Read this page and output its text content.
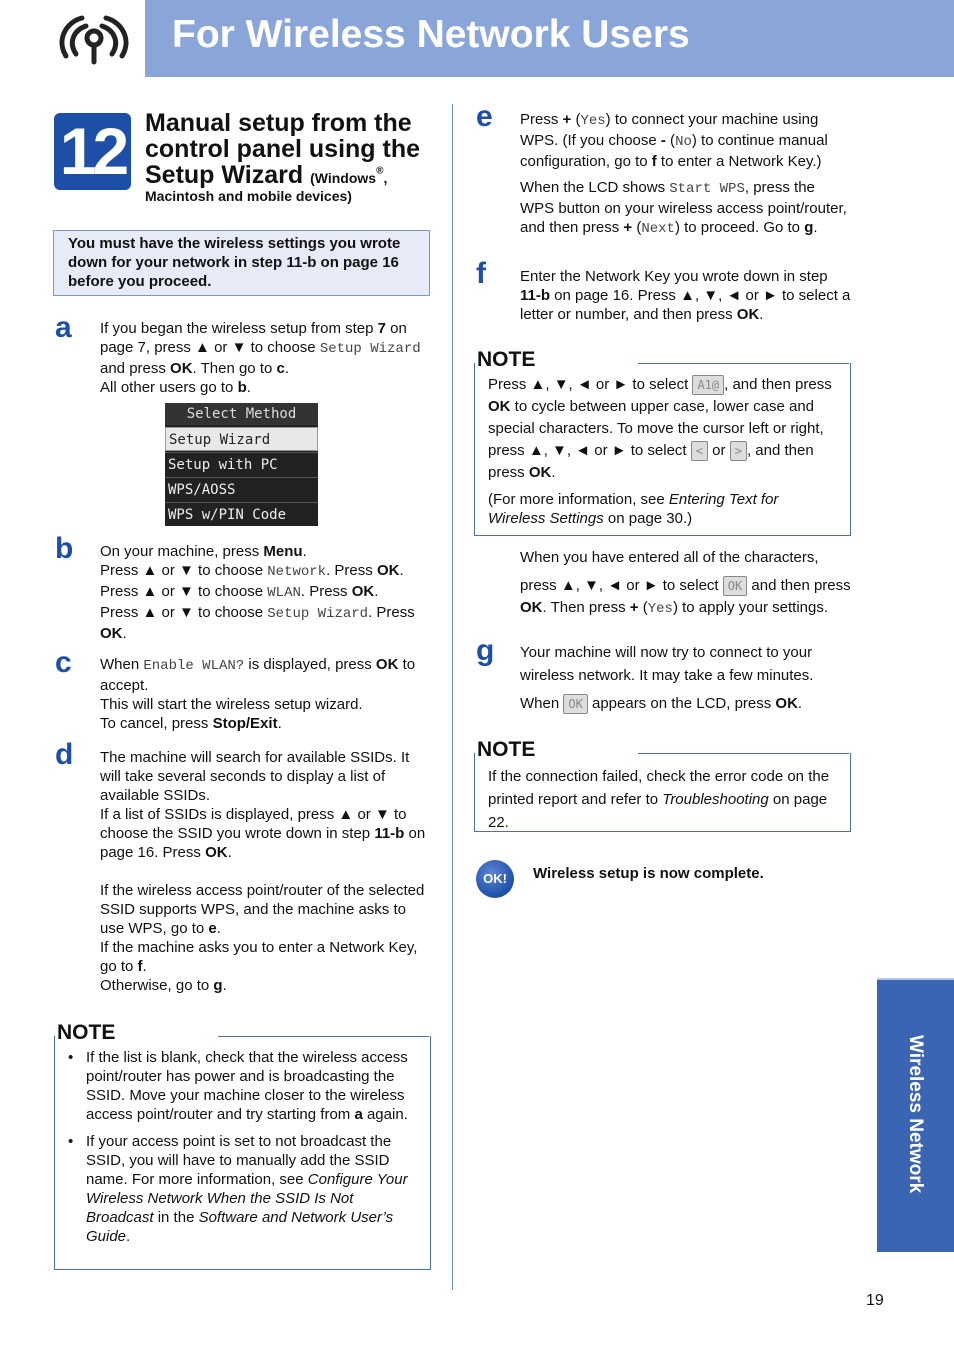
For Wireless Network Users
12 Manual setup from the
control panel using the
Setup Wizard (Windows®,
Macintosh and mobile devices)
You must have the wireless settings you wrote down for your network in step 11-b on page 16 before you proceed.
a If you began the wireless setup from step 7 on page 7, press ▲ or ▼ to choose Setup Wizard and press OK. Then go to c.
All other users go to b.
Select Method
Setup Wizard
Setup with PC
WPS/AOSS
WPS w/PIN Code
b On your machine, press Menu.
Press ▲ or ▼ to choose Network. Press OK.
Press ▲ or ▼ to choose WLAN. Press OK.
Press ▲ or ▼ to choose Setup Wizard. Press OK.
c When Enable WLAN? is displayed, press OK to accept.
This will start the wireless setup wizard.
To cancel, press Stop/Exit.
d The machine will search for available SSIDs. It will take several seconds to display a list of available SSIDs.
If a list of SSIDs is displayed, press ▲ or ▼ to choose the SSID you wrote down in step 11-b on page 16. Press OK.
If the wireless access point/router of the selected SSID supports WPS, and the machine asks to use WPS, go to e.
If the machine asks you to enter a Network Key, go to f.
Otherwise, go to g.
NOTE
• If the list is blank, check that the wireless access point/router has power and is broadcasting the SSID. Move your machine closer to the wireless access point/router and try starting from a again.
• If your access point is set to not broadcast the SSID, you will have to manually add the SSID name. For more information, see Configure Your Wireless Network When the SSID Is Not Broadcast in the Software and Network User’s Guide.
e Press + (Yes) to connect your machine using WPS. (If you choose - (No) to continue manual configuration, go to f to enter a Network Key.)
When the LCD shows Start WPS, press the WPS button on your wireless access point/router, and then press + (Next) to proceed. Go to g.
f Enter the Network Key you wrote down in step 11-b on page 16. Press ▲, ▼, ◄ or ► to select a letter or number, and then press OK.
NOTE
Press ▲, ▼, ◄ or ► to select A1@ , and then press OK to cycle between upper case, lower case and special characters. To move the cursor left or right, press ▲, ▼, ◄ or ► to select < or > , and then press OK.
(For more information, see Entering Text for Wireless Settings on page 30.)
When you have entered all of the characters,
press ▲, ▼, ◄ or ► to select OK and then press OK. Then press + (Yes) to apply your settings.
g Your machine will now try to connect to your wireless network. It may take a few minutes.
When OK appears on the LCD, press OK.
NOTE
If the connection failed, check the error code on the printed report and refer to Troubleshooting on page 22.
OK!	Wireless setup is now complete.
Wireless Network
19
